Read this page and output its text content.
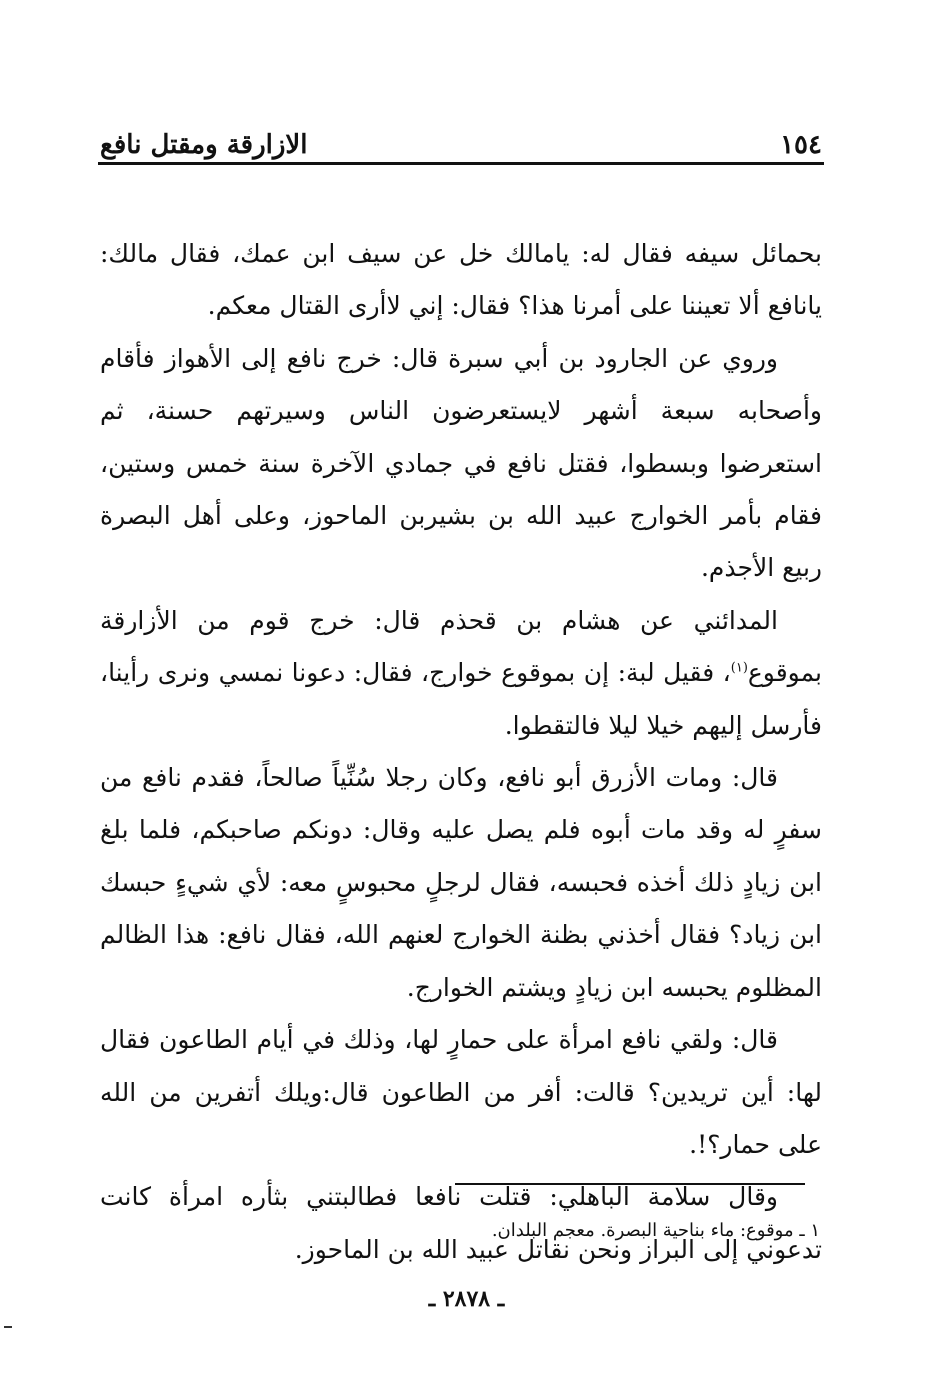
١٥٤
الازارقة ومقتل نافع

بحمائل سيفه فقال له: يامالك خل عن سيف ابن عمك، فقال مالك: يانافع ألا تعيننا على أمرنا هذا؟ فقال: إني لاأرى القتال معكم.

وروي عن الجارود بن أبي سبرة قال: خرج نافع إلى الأهواز فأقام وأصحابه سبعة أشهر لايستعرضون الناس وسيرتهم حسنة، ثم استعرضوا وبسطوا، فقتل نافع في جمادي الآخرة سنة خمس وستين، فقام بأمر الخوارج عبيد الله بن بشيربن الماحوز، وعلى أهل البصرة ربيع الأجذم.

المدائني عن هشام بن قحذم قال: خرج قوم من الأزارقة بموقوع$^{(١)}$، فقيل لبة: إن بموقوع خوارج، فقال: دعونا نمسي ونرى رأينا، فأرسل إليهم خيلا ليلا فالتقطوا.

قال: ومات الأزرق أبو نافع، وكان رجلا سُنِّياً صالحاً، فقدم نافع من سفرٍ له وقد مات أبوه فلم يصل عليه وقال: دونكم صاحبكم، فلما بلغ ابن زيادٍ ذلك أخذه فحبسه، فقال لرجلٍ محبوسٍ معه: لأي شيءٍ حبسك ابن زياد؟ فقال أخذني بظنة الخوارج لعنهم الله، فقال نافع: هذا الظالم المظلوم يحبسه ابن زيادٍ ويشتم الخوارج.

قال: ولقي نافع امرأة على حمارٍ لها، وذلك في أيام الطاعون فقال لها: أين تريدين؟ قالت: أفر من الطاعون قال:ويلك أتفرين من الله على حمار؟!.

وقال سلامة الباهلي: قتلت نافعا فطالبتني بثأره امرأة كانت تدعوني إلى البراز ونحن نقاتل عبيد الله بن الماحوز.

١ ـ موقوع: ماء بناحية البصرة. معجم البلدان.
ـ ٢٨٧٨ ـ
